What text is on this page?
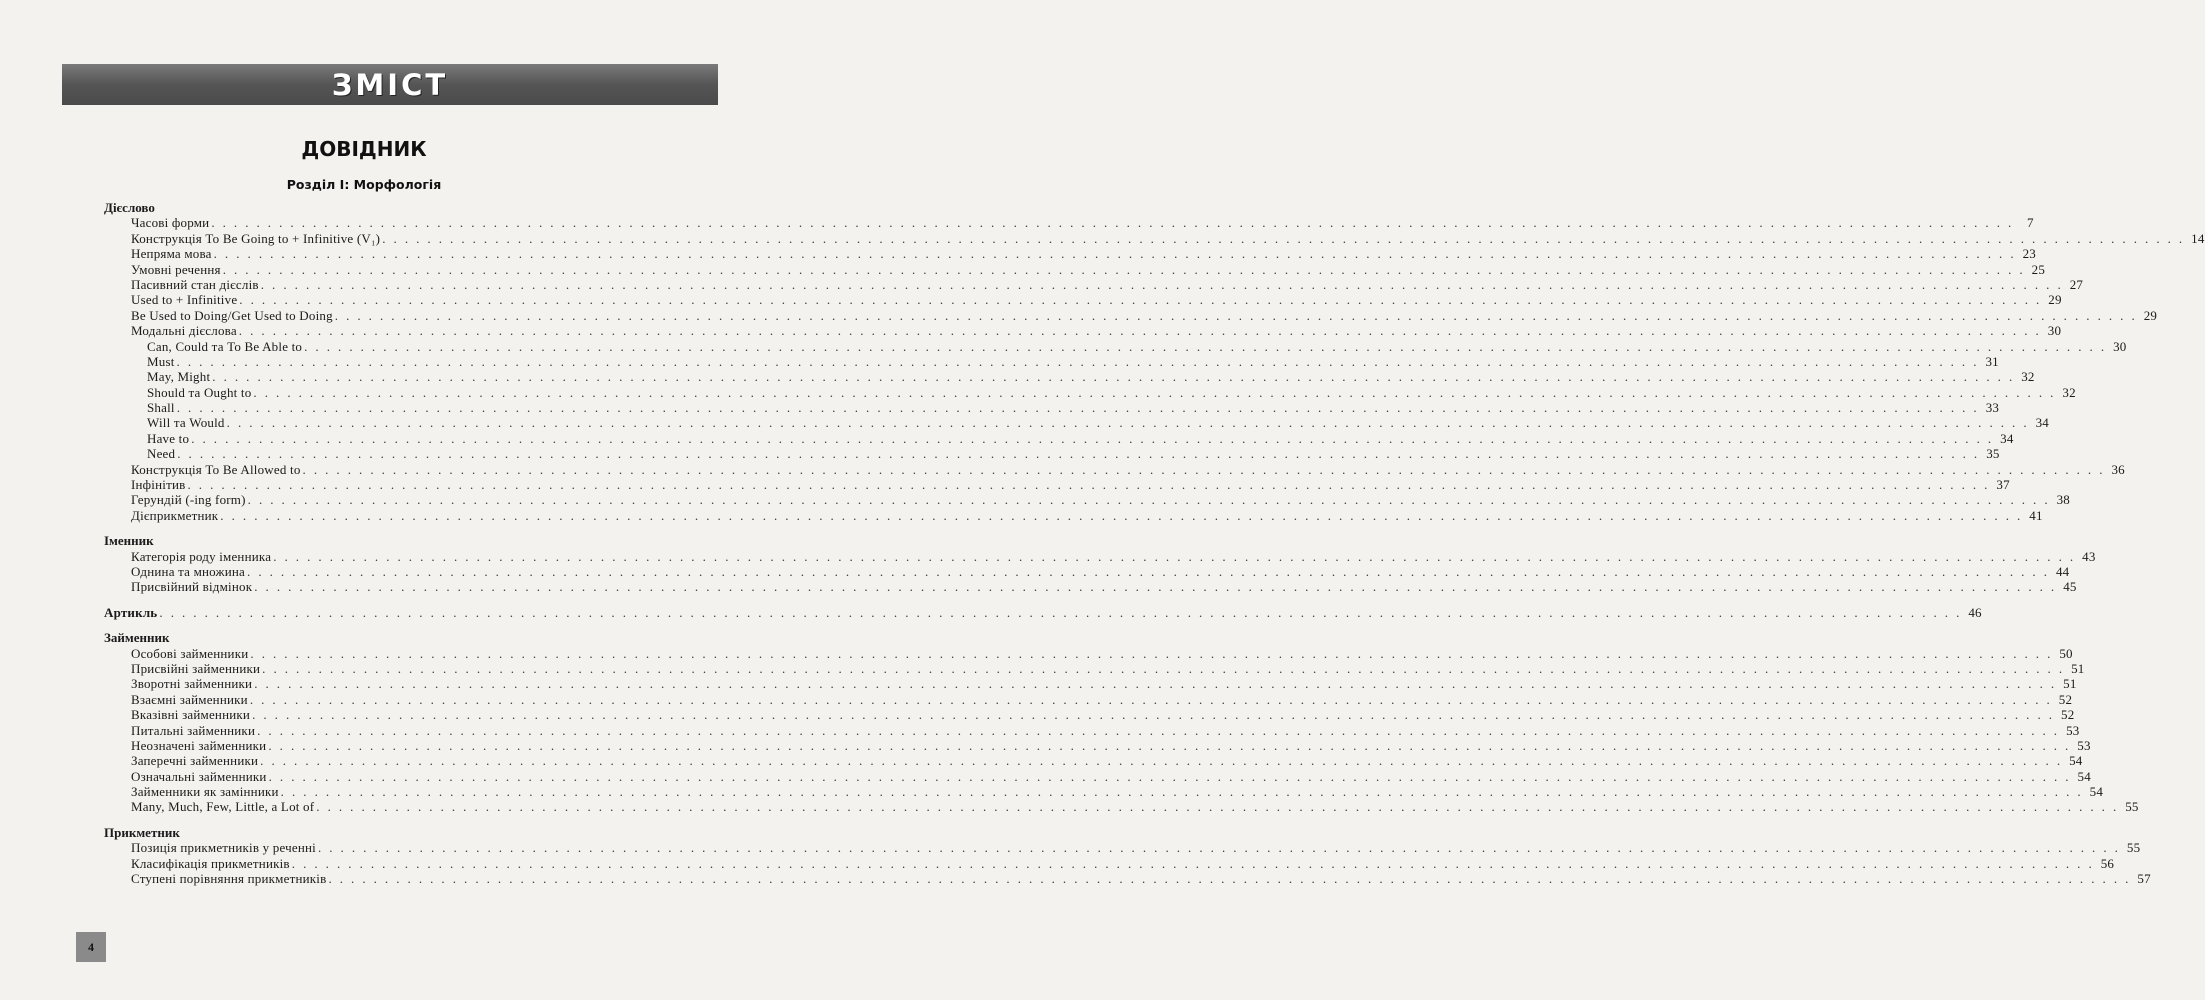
ЗМІСТ
ДОВІДНИК
Розділ I: Морфологія
Дієслово
Часові форми . . . . . . . . . . . . . . . . . . . . . . . . . . . . . . . . . . . . . . . . . . . . . . . . . . . . . . . . . . . . . . . . . . . . . . . . . . . . . . . . . . . . . . . . . . . . . . . . . . . . . . . . . . . . . . . . . . . . . . . . . . . . . . . . . . . . . . . . . . . . . . . . . . . . . . . . . . . . . . . .	7
Конструкція To Be Going to + Infinitive (V₁) . . . . . . . . . . . . . . . . . . . . . . . . . . . . . . . . . . . . . . . . . . . . . . . . . . . . . . . . . . . . . . . . . . . . . . . . . . . . . . . . . . . . . . . . . . . . . . . . . . . . . . . . . . . . . . . . . . . . . . . . . . . . . . . . . . . . . . . . . . . . . . . . . . . . . . . . . . . . . . . . 14
Непряма мова . . . . . . . . . . . . . . . . . . . . . . . . . . . . . . . . . . . . . . . . . . . . . . . . . . . . . . . . . . . . . . . . . . . . . . . . . . . . . . . . . . . . . . . . . . . . . . . . . . . . . . . . . . . . . . . . . . . . . . . . . . . . . . . . . . . . . . . . . . . . . . . . . . . . . . . . . . . . . . . . 23
Умовні речення . . . . . . . . . . . . . . . . . . . . . . . . . . . . . . . . . . . . . . . . . . . . . . . . . . . . . . . . . . . . . . . . . . . . . . . . . . . . . . . . . . . . . . . . . . . . . . . . . . . . . . . . . . . . . . . . . . . . . . . . . . . . . . . . . . . . . . . . . . . . . . . . . . . . . . . . . . . . . . . . 25
Пасивний стан дієслів . . . . . . . . . . . . . . . . . . . . . . . . . . . . . . . . . . . . . . . . . . . . . . . . . . . . . . . . . . . . . . . . . . . . . . . . . . . . . . . . . . . . . . . . . . . . . . . . . . . . . . . . . . . . . . . . . . . . . . . . . . . . . . . . . . . . . . . . . . . . . . . . . . . . . . . . . . . . . . . . 27
Used to + Infinitive . . . . . . . . . . . . . . . . . . . . . . . . . . . . . . . . . . . . . . . . . . . . . . . . . . . . . . . . . . . . . . . . . . . . . . . . . . . . . . . . . . . . . . . . . . . . . . . . . . . . . . . . . . . . . . . . . . . . . . . . . . . . . . . . . . . . . . . . . . . . . . . . . . . . . . . . . . . . . . . . 29
Be Used to Doing/Get Used to Doing . . . . . . . . . . . . . . . . . . . . . . . . . . . . . . . . . . . . . . . . . . . . . . . . . . . . . . . . . . . . . . . . . . . . . . . . . . . . . . . . . . . . . . . . . . . . . . . . . . . . . . . . . . . . . . . . . . . . . . . . . . . . . . . . . . . . . . . . . . . . . . . . . . . . . . . . . . . . . . . . 29
Модальні дієслова . . . . . . . . . . . . . . . . . . . . . . . . . . . . . . . . . . . . . . . . . . . . . . . . . . . . . . . . . . . . . . . . . . . . . . . . . . . . . . . . . . . . . . . . . . . . . . . . . . . . . . . . . . . . . . . . . . . . . . . . . . . . . . . . . . . . . . . . . . . . . . . . . . . . . . . . . . . . . . . . 30
Can, Could та To Be Able to . . . . . . . . . . . . . . . . . . . . . . . . . . . . . . . . . . . . . . . . . . . . . . . . . . . . . . . . . . . . . . . . . . . . . . . . . . . . . . . . . . . . . . . . . . . . . . . . . . . . . . . . . . . . . . . . . . . . . . . . . . . . . . . . . . . . . . . . . . . . . . . . . . . . . . . . . . . . . . . . 30
Must . . . . . . . . . . . . . . . . . . . . . . . . . . . . . . . . . . . . . . . . . . . . . . . . . . . . . . . . . . . . . . . . . . . . . . . . . . . . . . . . . . . . . . . . . . . . . . . . . . . . . . . . . . . . . . . . . . . . . . . . . . . . . . . . . . . . . . . . . . . . . . . . . . . . . . . . . . . . . . . . 31
May, Might . . . . . . . . . . . . . . . . . . . . . . . . . . . . . . . . . . . . . . . . . . . . . . . . . . . . . . . . . . . . . . . . . . . . . . . . . . . . . . . . . . . . . . . . . . . . . . . . . . . . . . . . . . . . . . . . . . . . . . . . . . . . . . . . . . . . . . . . . . . . . . . . . . . . . . . . . . . . . . . . 32
Should та Ought to . . . . . . . . . . . . . . . . . . . . . . . . . . . . . . . . . . . . . . . . . . . . . . . . . . . . . . . . . . . . . . . . . . . . . . . . . . . . . . . . . . . . . . . . . . . . . . . . . . . . . . . . . . . . . . . . . . . . . . . . . . . . . . . . . . . . . . . . . . . . . . . . . . . . . . . . . . . . . . . . 32
Shall . . . . . . . . . . . . . . . . . . . . . . . . . . . . . . . . . . . . . . . . . . . . . . . . . . . . . . . . . . . . . . . . . . . . . . . . . . . . . . . . . . . . . . . . . . . . . . . . . . . . . . . . . . . . . . . . . . . . . . . . . . . . . . . . . . . . . . . . . . . . . . . . . . . . . . . . . . . . . . . . 33
Will та Would . . . . . . . . . . . . . . . . . . . . . . . . . . . . . . . . . . . . . . . . . . . . . . . . . . . . . . . . . . . . . . . . . . . . . . . . . . . . . . . . . . . . . . . . . . . . . . . . . . . . . . . . . . . . . . . . . . . . . . . . . . . . . . . . . . . . . . . . . . . . . . . . . . . . . . . . . . . . . . . . 34
Have to . . . . . . . . . . . . . . . . . . . . . . . . . . . . . . . . . . . . . . . . . . . . . . . . . . . . . . . . . . . . . . . . . . . . . . . . . . . . . . . . . . . . . . . . . . . . . . . . . . . . . . . . . . . . . . . . . . . . . . . . . . . . . . . . . . . . . . . . . . . . . . . . . . . . . . . . . . . . . . . . 34
Need . . . . . . . . . . . . . . . . . . . . . . . . . . . . . . . . . . . . . . . . . . . . . . . . . . . . . . . . . . . . . . . . . . . . . . . . . . . . . . . . . . . . . . . . . . . . . . . . . . . . . . . . . . . . . . . . . . . . . . . . . . . . . . . . . . . . . . . . . . . . . . . . . . . . . . . . . . . . . . . . 35
Конструкція To Be Allowed to . . . . . . . . . . . . . . . . . . . . . . . . . . . . . . . . . . . . . . . . . . . . . . . . . . . . . . . . . . . . . . . . . . . . . . . . . . . . . . . . . . . . . . . . . . . . . . . . . . . . . . . . . . . . . . . . . . . . . . . . . . . . . . . . . . . . . . . . . . . . . . . . . . . . . . . . . . . . . . . . 36
Інфінітив . . . . . . . . . . . . . . . . . . . . . . . . . . . . . . . . . . . . . . . . . . . . . . . . . . . . . . . . . . . . . . . . . . . . . . . . . . . . . . . . . . . . . . . . . . . . . . . . . . . . . . . . . . . . . . . . . . . . . . . . . . . . . . . . . . . . . . . . . . . . . . . . . . . . . . . . . . . . . . . . 37
Герундій (-ing form) . . . . . . . . . . . . . . . . . . . . . . . . . . . . . . . . . . . . . . . . . . . . . . . . . . . . . . . . . . . . . . . . . . . . . . . . . . . . . . . . . . . . . . . . . . . . . . . . . . . . . . . . . . . . . . . . . . . . . . . . . . . . . . . . . . . . . . . . . . . . . . . . . . . . . . . . . . . . . . . . 38
Дієприкметник . . . . . . . . . . . . . . . . . . . . . . . . . . . . . . . . . . . . . . . . . . . . . . . . . . . . . . . . . . . . . . . . . . . . . . . . . . . . . . . . . . . . . . . . . . . . . . . . . . . . . . . . . . . . . . . . . . . . . . . . . . . . . . . . . . . . . . . . . . . . . . . . . . . . . . . . . . . . . . . . 41
Іменник
Категорія роду іменника . . . . . . . . . . . . . . . . . . . . . . . . . . . . . . . . . . . . . . . . . . . . . . . . . . . . . . . . . . . . . . . . . . . . . . . . . . . . . . . . . . . . . . . . . . . . . . . . . . . . . . . . . . . . . . . . . . . . . . . . . . . . . . . . . . . . . . . . . . . . . . . . . . . . . . . . . . . . . . . . 43
Однина та множина . . . . . . . . . . . . . . . . . . . . . . . . . . . . . . . . . . . . . . . . . . . . . . . . . . . . . . . . . . . . . . . . . . . . . . . . . . . . . . . . . . . . . . . . . . . . . . . . . . . . . . . . . . . . . . . . . . . . . . . . . . . . . . . . . . . . . . . . . . . . . . . . . . . . . . . . . . . . . . . . 44
Присвійний відмінок . . . . . . . . . . . . . . . . . . . . . . . . . . . . . . . . . . . . . . . . . . . . . . . . . . . . . . . . . . . . . . . . . . . . . . . . . . . . . . . . . . . . . . . . . . . . . . . . . . . . . . . . . . . . . . . . . . . . . . . . . . . . . . . . . . . . . . . . . . . . . . . . . . . . . . . . . . . . . . . . 45
Артикль . . . . . . . . . . . . . . . . . . . . . . . . . . . . . . . . . . . . . . . . . . . . . . . . . . . . . . . . . . . . . . . . . . . . . . . . . . . . . . . . . . . . . . . . . . . . . . . . . . . . . . . . . . . . . . . . . . . . . . . . . . . . . . . . . . . . . . . . . . . . . . . . . . . . . . . . . . . . . . . . 46
Займенник
Особові займенники . . . . . . . . . . . . . . . . . . . . . . . . . . . . . . . . . . . . . . . . . . . . . . . . . . . . . . . . . . . . . . . . . . . . . . . . . . . . . . . . . . . . . . . . . . . . . . . . . . . . . . . . . . . . . . . . . . . . . . . . . . . . . . . . . . . . . . . . . . . . . . . . . . . . . . . . . . . . . . . . 50
Присвійні займенники . . . . . . . . . . . . . . . . . . . . . . . . . . . . . . . . . . . . . . . . . . . . . . . . . . . . . . . . . . . . . . . . . . . . . . . . . . . . . . . . . . . . . . . . . . . . . . . . . . . . . . . . . . . . . . . . . . . . . . . . . . . . . . . . . . . . . . . . . . . . . . . . . . . . . . . . . . . . . . . . 51
Зворотні займенники . . . . . . . . . . . . . . . . . . . . . . . . . . . . . . . . . . . . . . . . . . . . . . . . . . . . . . . . . . . . . . . . . . . . . . . . . . . . . . . . . . . . . . . . . . . . . . . . . . . . . . . . . . . . . . . . . . . . . . . . . . . . . . . . . . . . . . . . . . . . . . . . . . . . . . . . . . . . . . . . 51
Взаємні займенники . . . . . . . . . . . . . . . . . . . . . . . . . . . . . . . . . . . . . . . . . . . . . . . . . . . . . . . . . . . . . . . . . . . . . . . . . . . . . . . . . . . . . . . . . . . . . . . . . . . . . . . . . . . . . . . . . . . . . . . . . . . . . . . . . . . . . . . . . . . . . . . . . . . . . . . . . . . . . . . . 52
Вказівні займенники . . . . . . . . . . . . . . . . . . . . . . . . . . . . . . . . . . . . . . . . . . . . . . . . . . . . . . . . . . . . . . . . . . . . . . . . . . . . . . . . . . . . . . . . . . . . . . . . . . . . . . . . . . . . . . . . . . . . . . . . . . . . . . . . . . . . . . . . . . . . . . . . . . . . . . . . . . . . . . . . 52
Питальні займенники . . . . . . . . . . . . . . . . . . . . . . . . . . . . . . . . . . . . . . . . . . . . . . . . . . . . . . . . . . . . . . . . . . . . . . . . . . . . . . . . . . . . . . . . . . . . . . . . . . . . . . . . . . . . . . . . . . . . . . . . . . . . . . . . . . . . . . . . . . . . . . . . . . . . . . . . . . . . . . . . 53
Неозначені займенники . . . . . . . . . . . . . . . . . . . . . . . . . . . . . . . . . . . . . . . . . . . . . . . . . . . . . . . . . . . . . . . . . . . . . . . . . . . . . . . . . . . . . . . . . . . . . . . . . . . . . . . . . . . . . . . . . . . . . . . . . . . . . . . . . . . . . . . . . . . . . . . . . . . . . . . . . . . . . . . . 53
Заперечні займенники . . . . . . . . . . . . . . . . . . . . . . . . . . . . . . . . . . . . . . . . . . . . . . . . . . . . . . . . . . . . . . . . . . . . . . . . . . . . . . . . . . . . . . . . . . . . . . . . . . . . . . . . . . . . . . . . . . . . . . . . . . . . . . . . . . . . . . . . . . . . . . . . . . . . . . . . . . . . . . . . 54
Означальні займенники . . . . . . . . . . . . . . . . . . . . . . . . . . . . . . . . . . . . . . . . . . . . . . . . . . . . . . . . . . . . . . . . . . . . . . . . . . . . . . . . . . . . . . . . . . . . . . . . . . . . . . . . . . . . . . . . . . . . . . . . . . . . . . . . . . . . . . . . . . . . . . . . . . . . . . . . . . . . . . . . 54
Займенники як замінники . . . . . . . . . . . . . . . . . . . . . . . . . . . . . . . . . . . . . . . . . . . . . . . . . . . . . . . . . . . . . . . . . . . . . . . . . . . . . . . . . . . . . . . . . . . . . . . . . . . . . . . . . . . . . . . . . . . . . . . . . . . . . . . . . . . . . . . . . . . . . . . . . . . . . . . . . . . . . . . . 54
Many, Much, Few, Little, a Lot of . . . . . . . . . . . . . . . . . . . . . . . . . . . . . . . . . . . . . . . . . . . . . . . . . . . . . . . . . . . . . . . . . . . . . . . . . . . . . . . . . . . . . . . . . . . . . . . . . . . . . . . . . . . . . . . . . . . . . . . . . . . . . . . . . . . . . . . . . . . . . . . . . . . . . . . . . . . . . . . . 55
Прикметник
Позиція прикметників у реченні . . . . . . . . . . . . . . . . . . . . . . . . . . . . . . . . . . . . . . . . . . . . . . . . . . . . . . . . . . . . . . . . . . . . . . . . . . . . . . . . . . . . . . . . . . . . . . . . . . . . . . . . . . . . . . . . . . . . . . . . . . . . . . . . . . . . . . . . . . . . . . . . . . . . . . . . . . . . . . . . 55
Класифікація прикметників . . . . . . . . . . . . . . . . . . . . . . . . . . . . . . . . . . . . . . . . . . . . . . . . . . . . . . . . . . . . . . . . . . . . . . . . . . . . . . . . . . . . . . . . . . . . . . . . . . . . . . . . . . . . . . . . . . . . . . . . . . . . . . . . . . . . . . . . . . . . . . . . . . . . . . . . . . . . . . . . 56
Ступені порівняння прикметників . . . . . . . . . . . . . . . . . . . . . . . . . . . . . . . . . . . . . . . . . . . . . . . . . . . . . . . . . . . . . . . . . . . . . . . . . . . . . . . . . . . . . . . . . . . . . . . . . . . . . . . . . . . . . . . . . . . . . . . . . . . . . . . . . . . . . . . . . . . . . . . . . . . . . . . . . . . . . . . . 57
4
